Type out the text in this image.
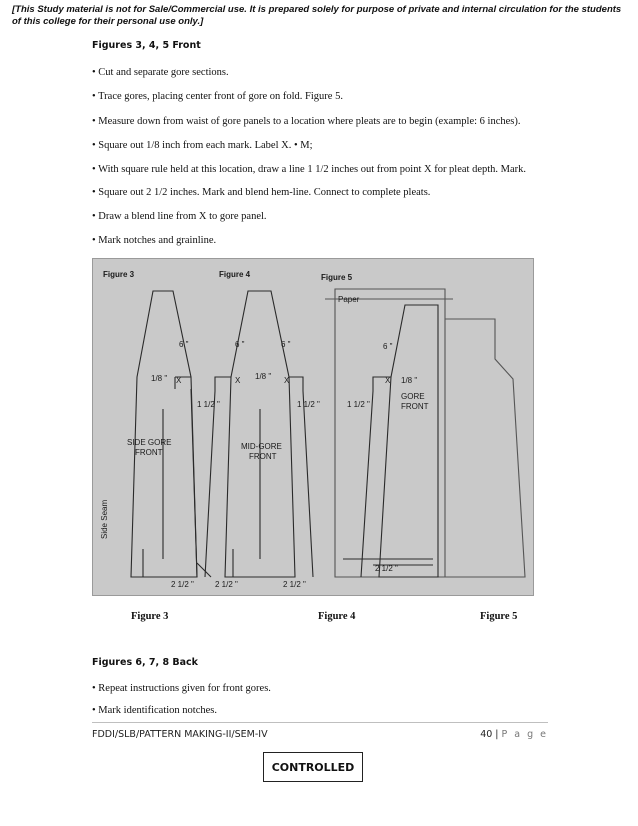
[This Study material is not for Sale/Commercial use. It is prepared solely for purpose of private and internal circulation for the students of this college for their personal use only.]
Figures 3, 4, 5 Front
• Cut and separate gore sections.
• Trace gores, placing center front of gore on fold. Figure 5.
• Measure down from waist of gore panels to a location where pleats are to begin (example: 6 inches).
• Square out 1/8 inch from each mark. Label X. • M;
• With square rule held at this location, draw a line 1 1/2 inches out from point X for pleat depth. Mark.
• Square out 2 1/2 inches. Mark and blend hem-line. Connect to complete pleats.
• Draw a blend line from X to gore panel.
• Mark notches and grainline.
Figure 3	Figure 4	Figure 5
Paper
6 "	6 "	6 "	6 "
1/8 " X	1/8 "
X	X	X 1/8 "
1 1/2 "	1 1/2 "	1 1/2 "
SIDE GORE
FRONT
MID-GORE
FRONT
GORE
FRONT
2 1/2 "	2 1/2 "	2 1/2 "
2 1/2 "
Side Seam
Figure 3	Figure 4	Figure 5
Figures 6, 7, 8 Back
• Repeat instructions given for front gores.
• Mark identification notches.
FDDI/SLB/PATTERN MAKING-II/SEM-IV	40 | P a g e
CONTROLLED
